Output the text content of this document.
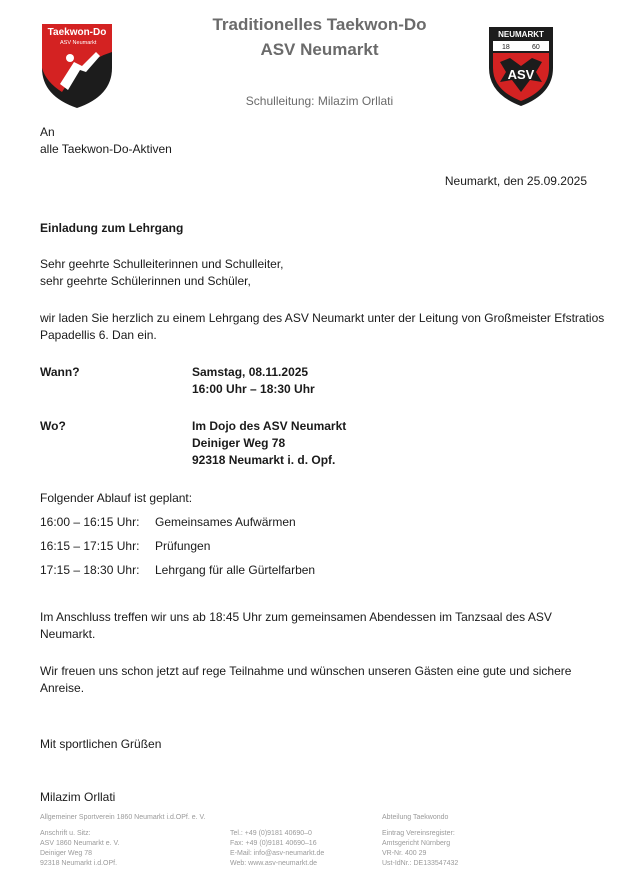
Taekwon-Do
ASV Neumarkt
NEUMARKT
18	60
ASV
Traditionelles Taekwon-Do
ASV Neumarkt
Schulleitung: Milazim Orllati
An
alle Taekwon-Do-Aktiven
Neumarkt, den 25.09.2025
Einladung zum Lehrgang
Sehr geehrte Schulleiterinnen und Schulleiter,
sehr geehrte Schülerinnen und Schüler,
wir laden Sie herzlich zu einem Lehrgang des ASV Neumarkt unter der Leitung von Großmeister Efstratios
Papadellis 6. Dan ein.
Wann?	Samstag, 08.11.2025
16:00 Uhr – 18:30 Uhr
Wo?	Im Dojo des ASV Neumarkt
Deiniger Weg 78
92318 Neumarkt i. d. Opf.
Folgender Ablauf ist geplant:
16:00 – 16:15 Uhr: Gemeinsames Aufwärmen
16:15 – 17:15 Uhr: Prüfungen
17:15 – 18:30 Uhr: Lehrgang für alle Gürtelfarben
Im Anschluss treffen wir uns ab 18:45 Uhr zum gemeinsamen Abendessen im Tanzsaal des ASV
Neumarkt.
Wir freuen uns schon jetzt auf rege Teilnahme und wünschen unseren Gästen eine gute und sichere
Anreise.
Mit sportlichen Grüßen
Milazim Orllati
Allgemeiner Sportverein 1860 Neumarkt i.d.OPf. e. V.	Abteilung Taekwondo
Anschrift u. Sitz:
ASV 1860 Neumarkt e. V.
Deiniger Weg 78
92318 Neumarkt i.d.OPf.
Tel.: +49 (0)9181 40690–0
Fax: +49 (0)9181 40690–16
E-Mail: info@asv-neumarkt.de
Web: www.asv-neumarkt.de
Eintrag Vereinsregister:
Amtsgericht Nürnberg
VR-Nr. 400 29
Ust-IdNr.: DE133547432
